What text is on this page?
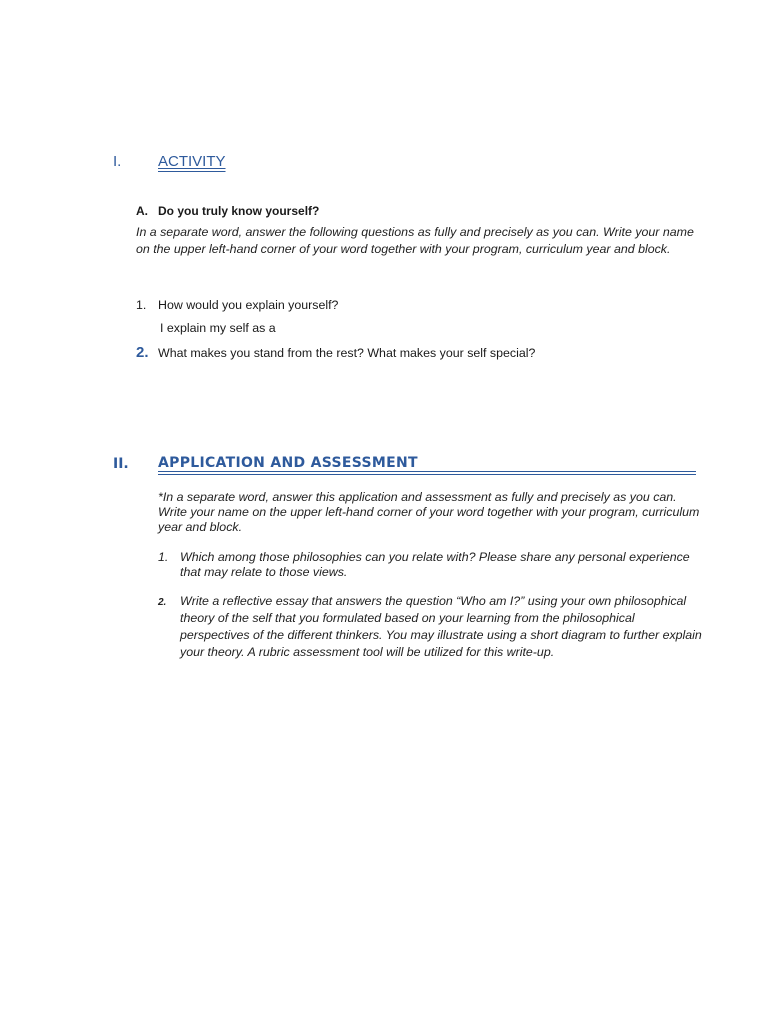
I. ACTIVITY
A. Do you truly know yourself?
In a separate word, answer the following questions as fully and precisely as you can. Write your name on the upper left-hand corner of your word together with your program, curriculum year and block.
1. How would you explain yourself?
I explain my self as a
2. What makes you stand from the rest? What makes your self special?
II. APPLICATION AND ASSESSMENT
*In a separate word, answer this application and assessment as fully and precisely as you can. Write your name on the upper left-hand corner of your word together with your program, curriculum year and block.
1. Which among those philosophies can you relate with? Please share any personal experience that may relate to those views.
2.	Write a reflective essay that answers the question “Who am I?” using your own philosophical theory of the self that you formulated based on your learning from the philosophical perspectives of the different thinkers. You may illustrate using a short diagram to further explain your theory. A rubric assessment tool will be utilized for this write-up.
